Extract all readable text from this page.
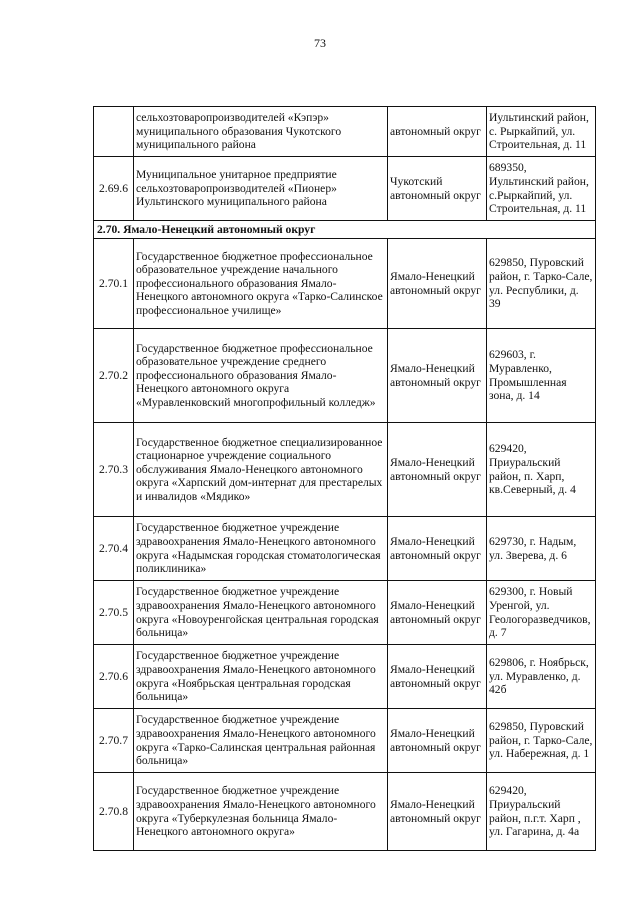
73
	сельхозтоваропроизводителей «Кэпэр» муниципального образования Чукотского муниципального района	автономный округ	Иультинский район, с. Рыркайпий, ул. Строительная, д. 11
2.69.6	Муниципальное унитарное предприятие сельхозтоваропроизводителей «Пионер» Иультинского муниципального района	Чукотский автономный округ	689350, Иультинский район, с.Рыркайпий, ул. Строительная, д. 11
2.70. Ямало-Ненецкий автономный округ			
2.70.1	Государственное бюджетное профессиональное образовательное учреждение начального профессионального образования Ямало-Ненецкого автономного округа «Тарко-Салинское профессиональное училище»	Ямало-Ненецкий автономный округ	629850, Пуровский район, г. Тарко-Сале, ул. Республики, д. 39
2.70.2	Государственное бюджетное профессиональное образовательное учреждение среднего профессионального образования Ямало-Ненецкого автономного округа «Муравленковский многопрофильный колледж»	Ямало-Ненецкий автономный округ	629603, г. Муравленко, Промышленная зона, д. 14
2.70.3	Государственное бюджетное специализированное стационарное учреждение социального обслуживания Ямало-Ненецкого автономного округа «Харпский дом-интернат для престарелых и инвалидов «Мядико»	Ямало-Ненецкий автономный округ	629420, Приуральский район, п. Харп, кв.Северный, д. 4
2.70.4	Государственное бюджетное учреждение здравоохранения Ямало-Ненецкого автономного округа «Надымская городская стоматологическая поликлиника»	Ямало-Ненецкий автономный округ	629730, г. Надым, ул. Зверева, д. 6
2.70.5	Государственное бюджетное учреждение здравоохранения Ямало-Ненецкого автономного округа «Новоуренгойская центральная городская больница»	Ямало-Ненецкий автономный округ	629300, г. Новый Уренгой, ул. Геологоразведчиков, д. 7
2.70.6	Государственное бюджетное учреждение здравоохранения Ямало-Ненецкого автономного округа «Ноябрьская центральная городская больница»	Ямало-Ненецкий автономный округ	629806, г. Ноябрьск, ул. Муравленко, д. 42б
2.70.7	Государственное бюджетное учреждение здравоохранения Ямало-Ненецкого автономного округа «Тарко-Салинская центральная районная больница»	Ямало-Ненецкий автономный округ	629850, Пуровский район, г. Тарко-Сале, ул. Набережная, д. 1
2.70.8	Государственное бюджетное учреждение здравоохранения Ямало-Ненецкого автономного округа «Туберкулезная больница Ямало-Ненецкого автономного округа»	Ямало-Ненецкий автономный округ	629420, Приуральский район, п.г.т. Харп , ул. Гагарина, д. 4а
